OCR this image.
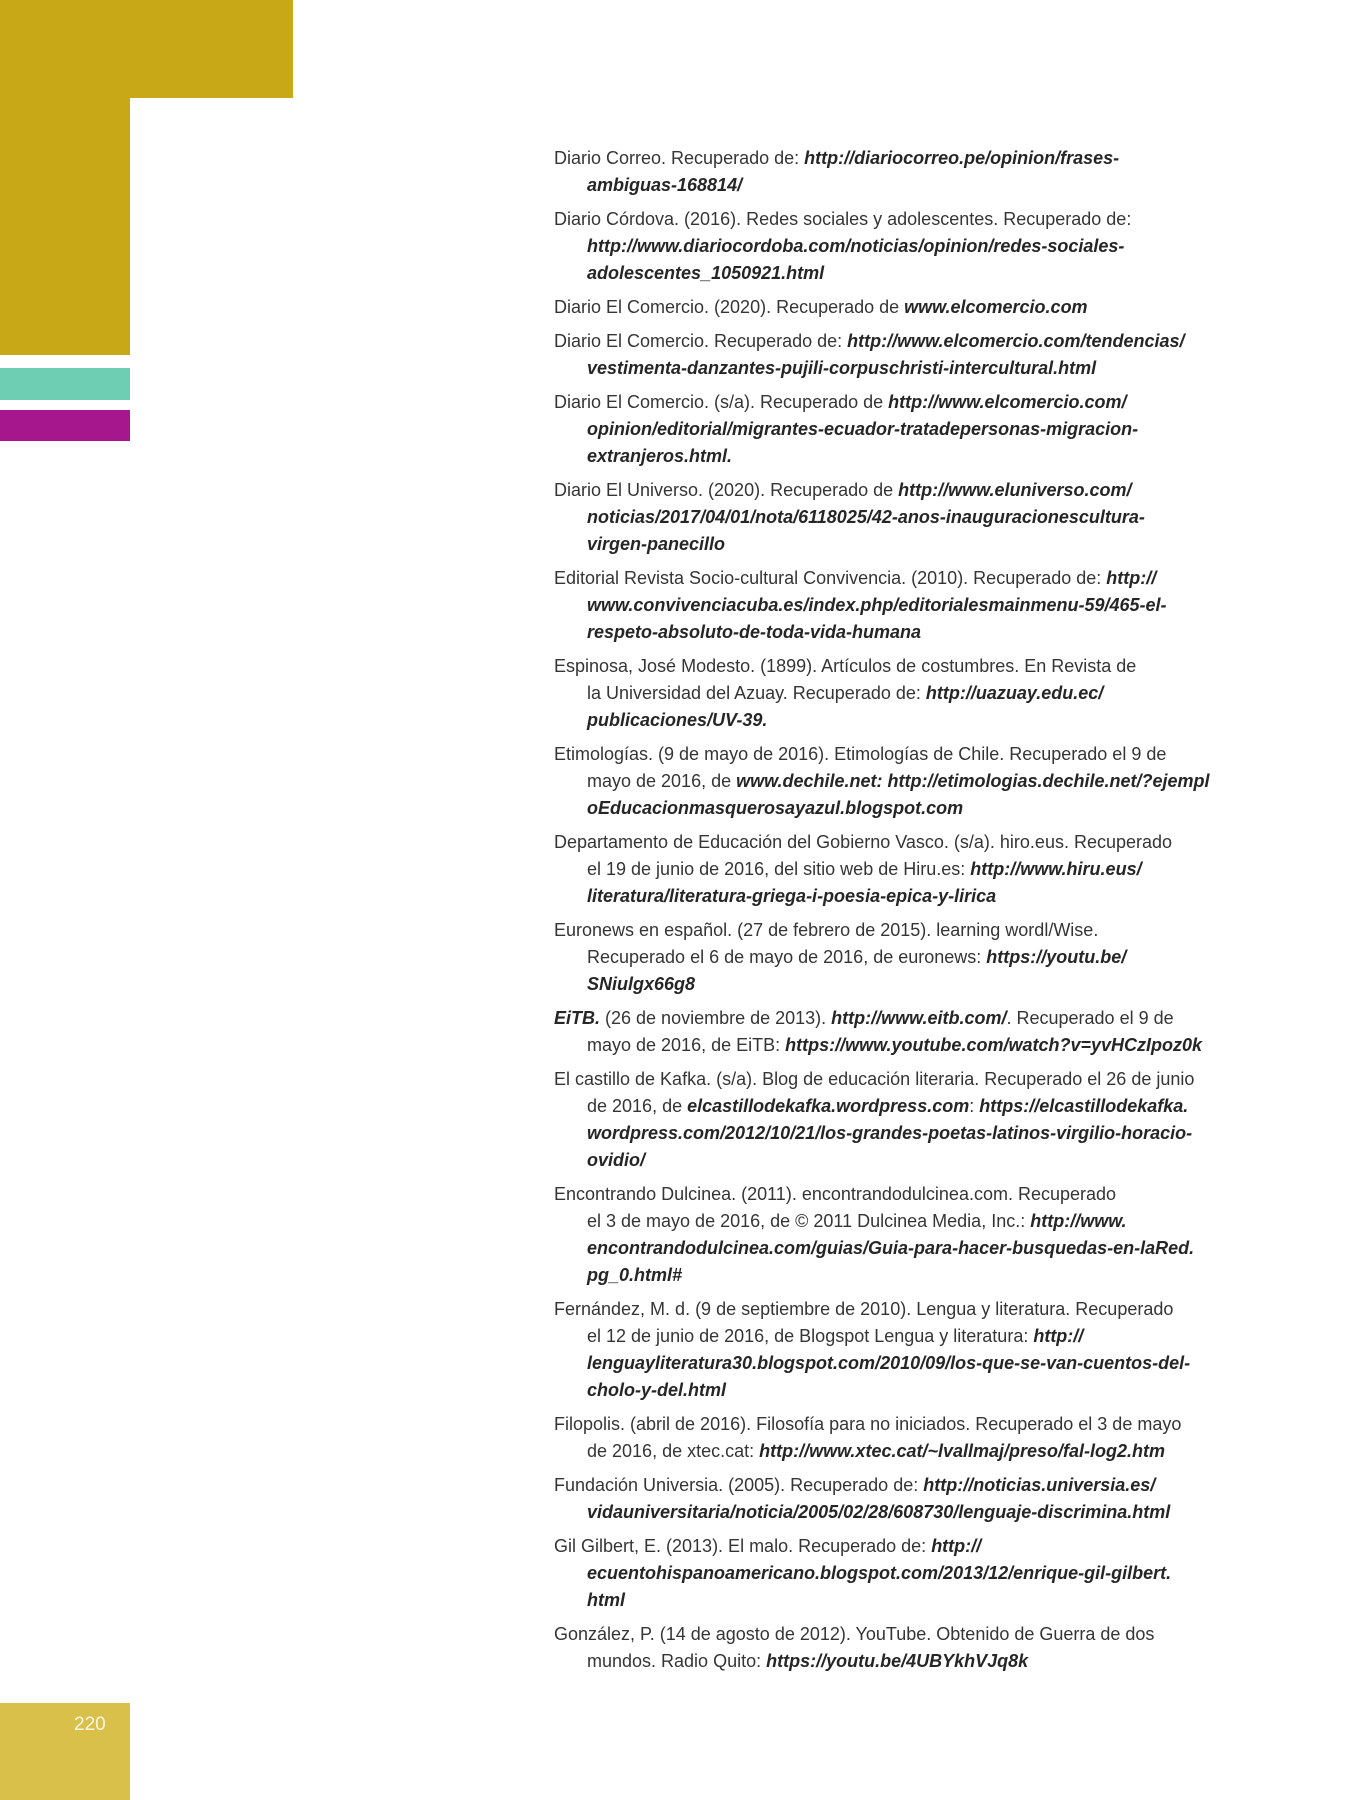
220
Diario Correo. Recuperado de: http://diariocorreo.pe/opinion/frases-
ambiguas-168814/
Diario Córdova. (2016). Redes sociales y adolescentes. Recuperado de:
http://www.diariocordoba.com/noticias/opinion/redes-sociales-
adolescentes_1050921.html
Diario El Comercio. (2020). Recuperado de www.elcomercio.com
Diario El Comercio. Recuperado de: http://www.elcomercio.com/tendencias/
vestimenta-danzantes-pujili-corpuschristi-intercultural.html
Diario El Comercio. (s/a). Recuperado de http://www.elcomercio.com/
opinion/editorial/migrantes-ecuador-tratadepersonas-migracion-
extranjeros.html.
Diario El Universo. (2020). Recuperado de http://www.eluniverso.com/
noticias/2017/04/01/nota/6118025/42-anos-inauguracionescultura-
virgen-panecillo
Editorial Revista Socio-cultural Convivencia. (2010). Recuperado de: http://
www.convivenciacuba.es/index.php/editorialesmainmenu-59/465-el-
respeto-absoluto-de-toda-vida-humana
Espinosa, José Modesto. (1899). Artículos de costumbres. En Revista de
la Universidad del Azuay. Recuperado de: http://uazuay.edu.ec/
publicaciones/UV-39.
Etimologías. (9 de mayo de 2016). Etimologías de Chile. Recuperado el 9 de
mayo de 2016, de www.dechile.net: http://etimologias.dechile.net/?ejempl
oEducacionmasquerosayazul.blogspot.com
Departamento de Educación del Gobierno Vasco. (s/a). hiro.eus. Recuperado
el 19 de junio de 2016, del sitio web de Hiru.es: http://www.hiru.eus/
literatura/literatura-griega-i-poesia-epica-y-lirica
Euronews en español. (27 de febrero de 2015). learning wordl/Wise.
Recuperado el 6 de mayo de 2016, de euronews: https://youtu.be/
SNiulgx66g8
EiTB. (26 de noviembre de 2013). http://www.eitb.com/. Recuperado el 9 de
mayo de 2016, de EiTB: https://www.youtube.com/watch?v=yvHCzIpoz0k
El castillo de Kafka. (s/a). Blog de educación literaria. Recuperado el 26 de junio
de 2016, de elcastillodekafka.wordpress.com: https://elcastillodekafka.
wordpress.com/2012/10/21/los-grandes-poetas-latinos-virgilio-horacio-
ovidio/
Encontrando Dulcinea. (2011). encontrandodulcinea.com. Recuperado
el 3 de mayo de 2016, de © 2011 Dulcinea Media, Inc.: http://www.
encontrandodulcinea.com/guias/Guia-para-hacer-busquedas-en-laRed.
pg_0.html#
Fernández, M. d. (9 de septiembre de 2010). Lengua y literatura. Recuperado
el 12 de junio de 2016, de Blogspot Lengua y literatura: http://
lenguayliteratura30.blogspot.com/2010/09/los-que-se-van-cuentos-del-
cholo-y-del.html
Filopolis. (abril de 2016). Filosofía para no iniciados. Recuperado el 3 de mayo
de 2016, de xtec.cat: http://www.xtec.cat/~lvallmaj/preso/fal-log2.htm
Fundación Universia. (2005). Recuperado de: http://noticias.universia.es/
vidauniversitaria/noticia/2005/02/28/608730/lenguaje-discrimina.html
Gil Gilbert, E. (2013). El malo. Recuperado de: http://
ecuentohispanoamericano.blogspot.com/2013/12/enrique-gil-gilbert.
html
González, P. (14 de agosto de 2012). YouTube. Obtenido de Guerra de dos
mundos. Radio Quito: https://youtu.be/4UBYkhVJq8k
